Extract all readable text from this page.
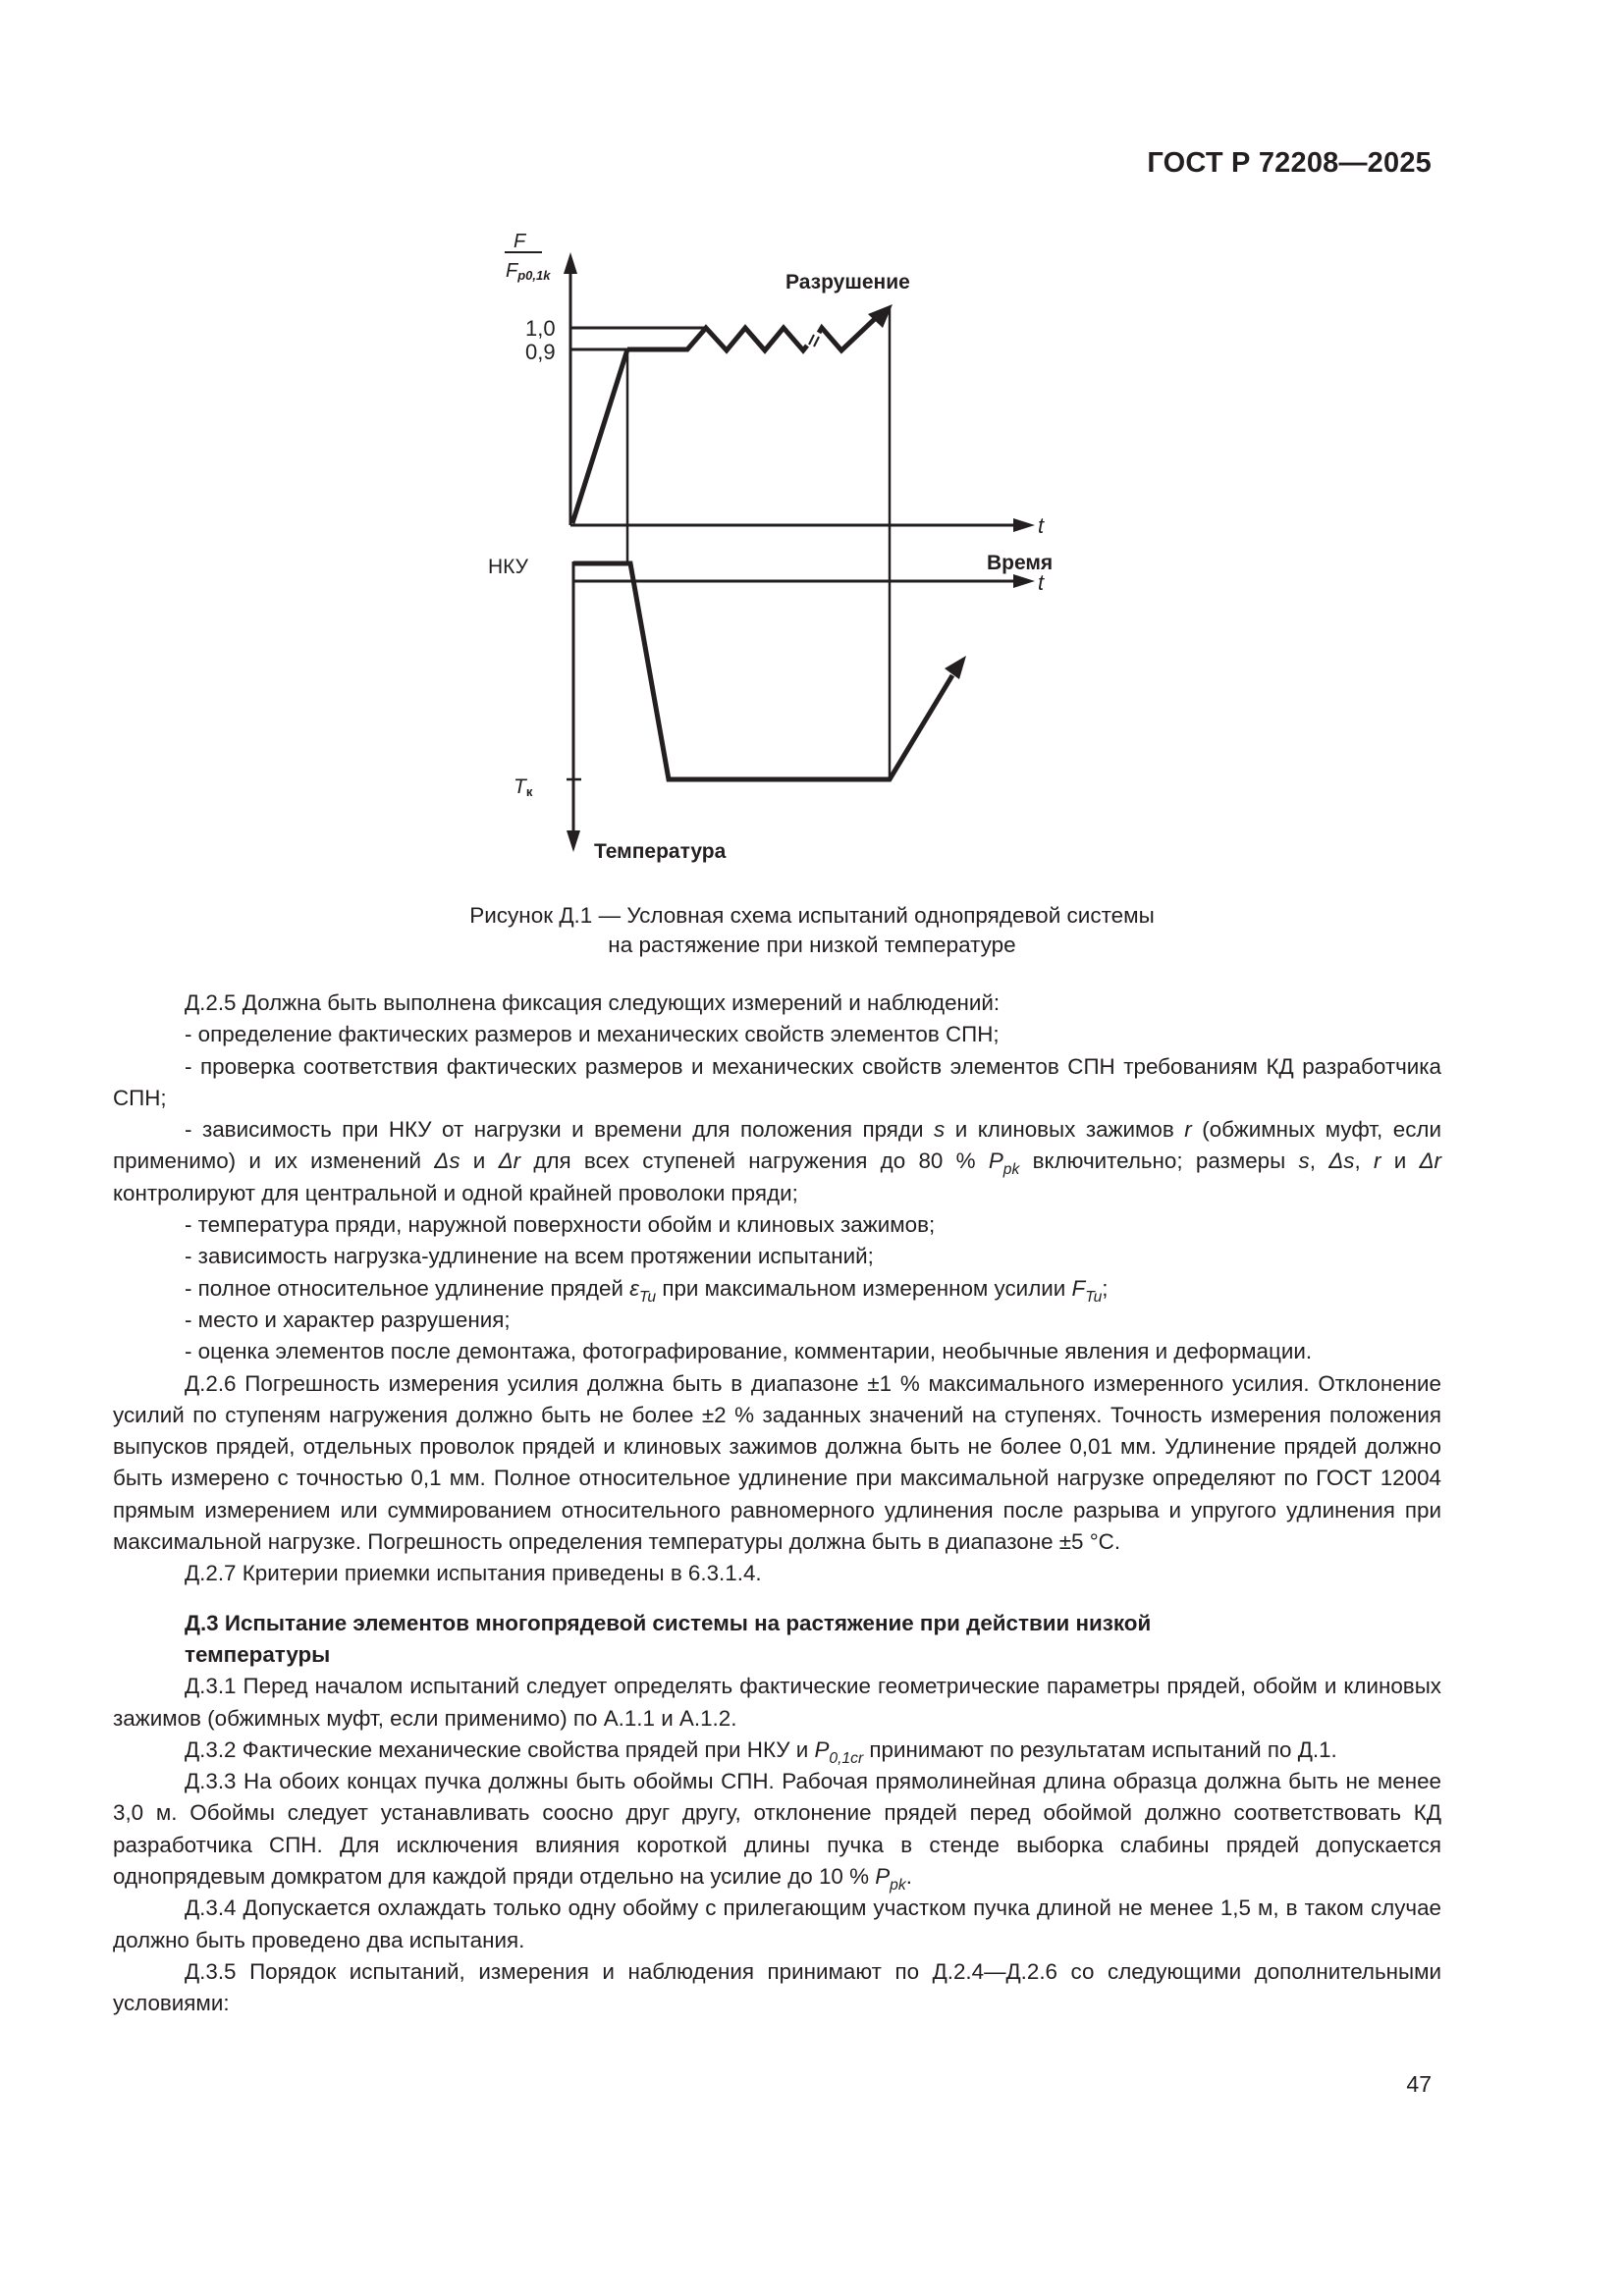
ГОСТ Р 72208—2025
F
Fp0,1k
1,0
0,9
Разрушение
t
Время
t
НКУ
Tк
Температура
Рисунок Д.1 — Условная схема испытаний однопрядевой системы
на растяжение при низкой температуре

Д.2.5 Должна быть выполнена фиксация следующих измерений и наблюдений:

- определение фактических размеров и механических свойств элементов СПН;

- проверка соответствия фактических размеров и механических свойств элементов СПН требованиям КД разработчика СПН;

- зависимость при НКУ от нагрузки и времени для положения пряди s и клиновых зажимов r (обжимных муфт, если применимо) и их изменений Δs и Δr для всех ступеней нагружения до 80 % $P_{pk}$ включительно; размеры s, Δs, r и Δr контролируют для центральной и одной крайней проволоки пряди;

- температура пряди, наружной поверхности обойм и клиновых зажимов;

- зависимость нагрузка-удлинение на всем протяжении испытаний;

- полное относительное удлинение прядей $\varepsilon_{Tu}$ при максимальном измеренном усилии $F_{Tu}$;

- место и характер разрушения;

- оценка элементов после демонтажа, фотографирование, комментарии, необычные явления и деформации.

Д.2.6 Погрешность измерения усилия должна быть в диапазоне ±1 % максимального измеренного усилия. Отклонение усилий по ступеням нагружения должно быть не более ±2 % заданных значений на ступенях. Точность измерения положения выпусков прядей, отдельных проволок прядей и клиновых зажимов должна быть не более 0,01 мм. Удлинение прядей должно быть измерено с точностью 0,1 мм. Полное относительное удлинение при максимальной нагрузке определяют по ГОСТ 12004 прямым измерением или суммированием относительного равномерного удлинения после разрыва и упругого удлинения при максимальной нагрузке. Погрешность определения температуры должна быть в диапазоне ±5 °С.

Д.2.7 Критерии приемки испытания приведены в 6.3.1.4.

Д.3 Испытание элементов многопрядевой системы на растяжение при действии низкой температуры

Д.3.1 Перед началом испытаний следует определять фактические геометрические параметры прядей, обойм и клиновых зажимов (обжимных муфт, если применимо) по А.1.1 и А.1.2.

Д.3.2 Фактические механические свойства прядей при НКУ и $P_{0,1cr}$ принимают по результатам испытаний по Д.1.

Д.3.3 На обоих концах пучка должны быть обоймы СПН. Рабочая прямолинейная длина образца должна быть не менее 3,0 м. Обоймы следует устанавливать соосно друг другу, отклонение прядей перед обоймой должно соответствовать КД разработчика СПН. Для исключения влияния короткой длины пучка в стенде выборка слабины прядей допускается однопрядевым домкратом для каждой пряди отдельно на усилие до 10 % $P_{pk}$.

Д.3.4 Допускается охлаждать только одну обойму с прилегающим участком пучка длиной не менее 1,5 м, в таком случае должно быть проведено два испытания.

Д.3.5 Порядок испытаний, измерения и наблюдения принимают по Д.2.4—Д.2.6 со следующими дополнительными условиями:

47
